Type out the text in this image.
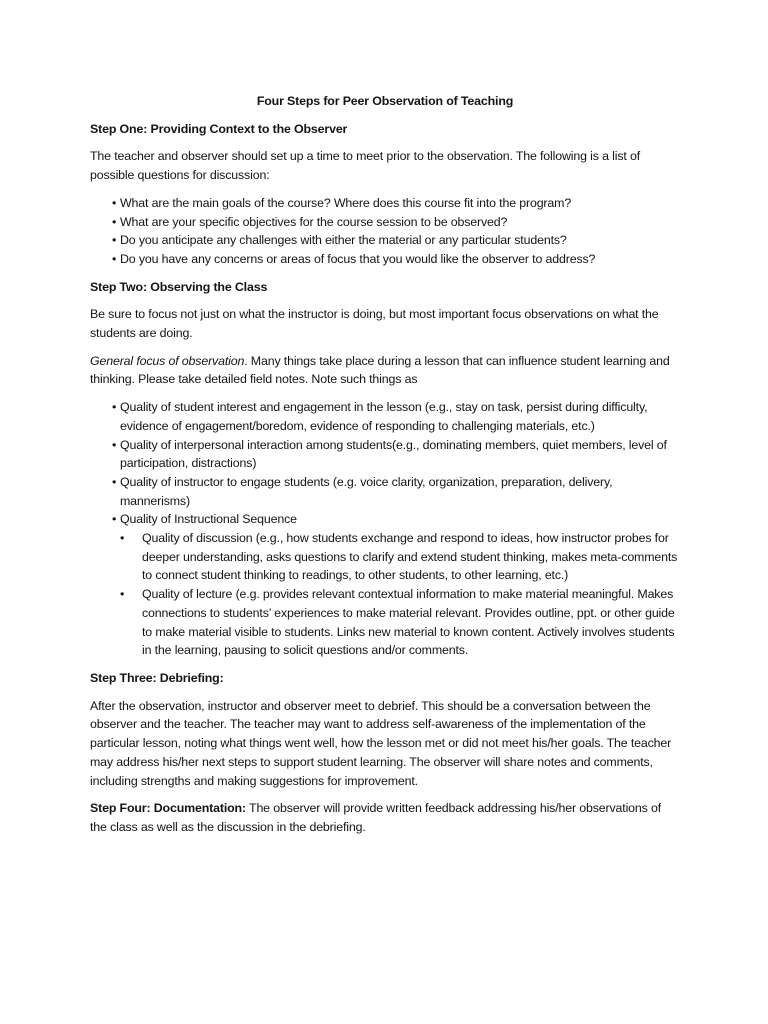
Four Steps for Peer Observation of Teaching
Step One: Providing Context to the Observer

The teacher and observer should set up a time to meet prior to the observation. The following is a list of possible questions for discussion:

• What are the main goals of the course? Where does this course fit into the program?
• What are your specific objectives for the course session to be observed?
• Do you anticipate any challenges with either the material or any particular students?
• Do you have any concerns or areas of focus that you would like the observer to address?
Step Two: Observing the Class

Be sure to focus not just on what the instructor is doing, but most important focus observations on what the students are doing.

General focus of observation. Many things take place during a lesson that can influence student learning and thinking. Please take detailed field notes. Note such things as

• Quality of student interest and engagement in the lesson (e.g., stay on task, persist during difficulty, evidence of engagement/boredom, evidence of responding to challenging materials, etc.)
• Quality of interpersonal interaction among students(e.g., dominating members, quiet members, level of participation, distractions)
• Quality of instructor to engage students (e.g. voice clarity, organization, preparation, delivery, mannerisms)
• Quality of Instructional Sequence
• Quality of discussion (e.g., how students exchange and respond to ideas, how instructor probes for deeper understanding, asks questions to clarify and extend student thinking, makes meta-comments to connect student thinking to readings, to other students, to other learning, etc.)
• Quality of lecture (e.g. provides relevant contextual information to make material meaningful. Makes connections to students’ experiences to make material relevant. Provides outline, ppt. or other guide to make material visible to students. Links new material to known content. Actively involves students in the learning, pausing to solicit questions and/or comments.
Step Three: Debriefing:

After the observation, instructor and observer meet to debrief. This should be a conversation between the observer and the teacher. The teacher may want to address self-awareness of the implementation of the particular lesson, noting what things went well, how the lesson met or did not meet his/her goals. The teacher may address his/her next steps to support student learning. The observer will share notes and comments, including strengths and making suggestions for improvement.

Step Four: Documentation: The observer will provide written feedback addressing his/her observations of the class as well as the discussion in the debriefing.
